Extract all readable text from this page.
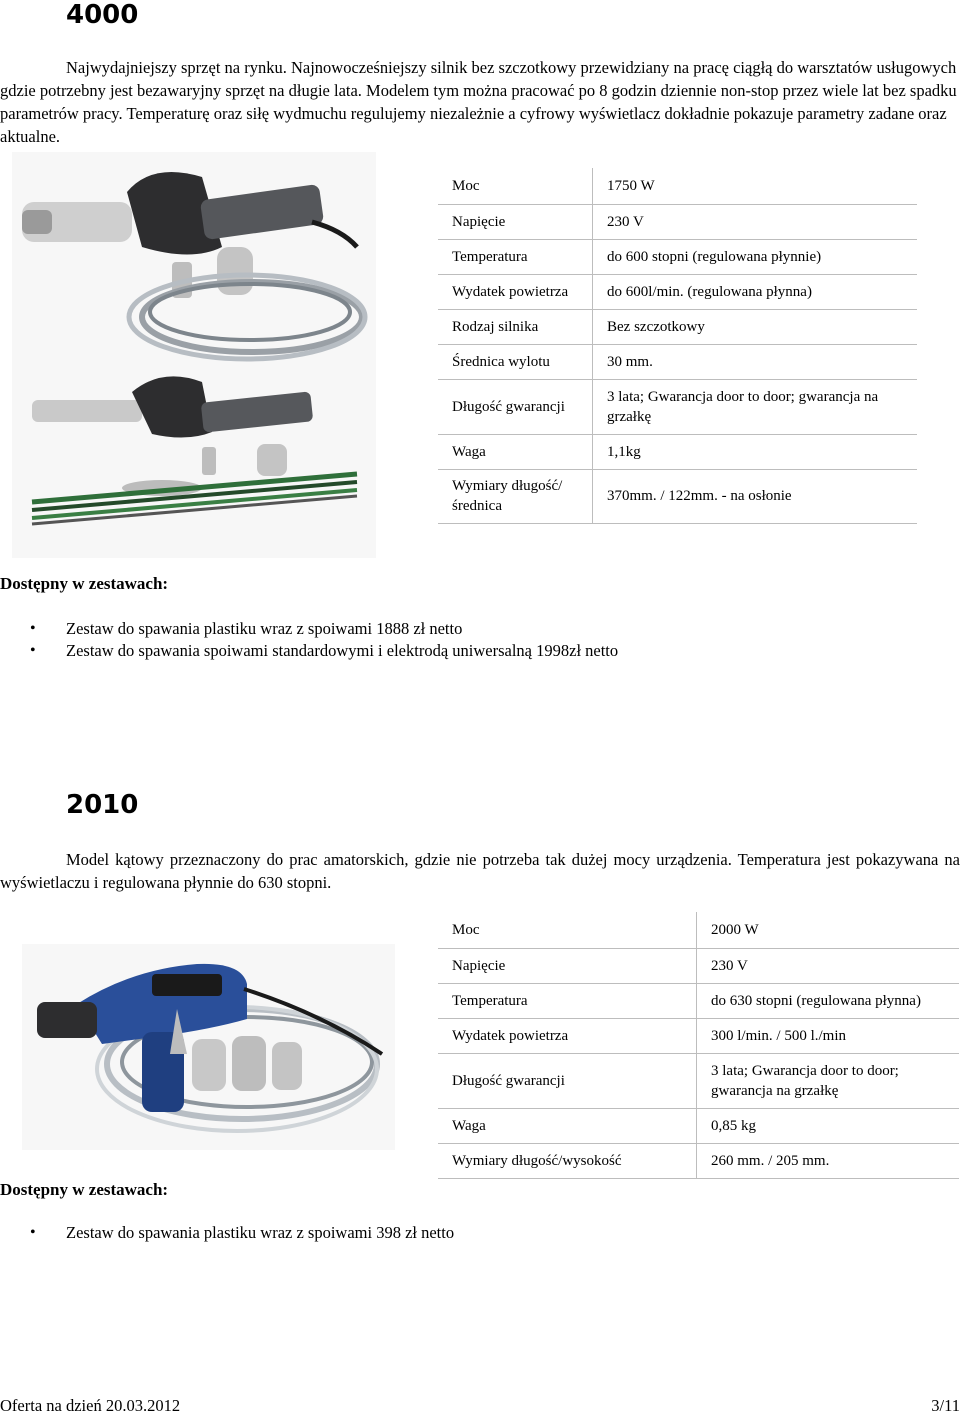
4000
Najwydajniejszy sprzęt na rynku. Najnowocześniejszy silnik bez szczotkowy przewidziany na pracę ciągłą do warsztatów usługowych gdzie potrzebny jest bezawaryjny sprzęt na długie lata. Modelem tym można pracować po 8 godzin dziennie non-stop przez wiele lat bez spadku parametrów pracy. Temperaturę oraz siłę wydmuchu regulujemy niezależnie a cyfrowy wyświetlacz dokładnie pokazuje parametry zadane oraz aktualne.
Moc	1750 W
Napięcie	230 V
Temperatura	do 600 stopni (regulowana płynnie)
Wydatek powietrza	do 600l/min. (regulowana płynna)
Rodzaj silnika	Bez szczotkowy
Średnica wylotu	30 mm.
Długość gwarancji	3 lata; Gwarancja door to door; gwarancja na grzałkę
Waga	1,1kg
Wymiary długość/średnica	370mm. / 122mm. - na osłonie
Dostępny w zestawach:
• Zestaw do spawania plastiku wraz z spoiwami 1888 zł netto
• Zestaw do spawania spoiwami standardowymi i elektrodą uniwersalną 1998zł netto
2010
Model kątowy przeznaczony do prac amatorskich, gdzie nie potrzeba tak dużej mocy urządzenia. Temperatura jest pokazywana na wyświetlaczu i regulowana płynnie do 630 stopni.
Moc	2000 W
Napięcie	230 V
Temperatura	do 630 stopni (regulowana płynna)
Wydatek powietrza	300 l/min. / 500 l./min
Długość gwarancji	3 lata; Gwarancja door to door; gwarancja na grzałkę
Waga	0,85 kg
Wymiary długość/wysokość	260 mm. / 205 mm.
Dostępny w zestawach:
• Zestaw do spawania plastiku wraz z spoiwami 398 zł netto
Oferta na dzień 20.03.2012	3/11
